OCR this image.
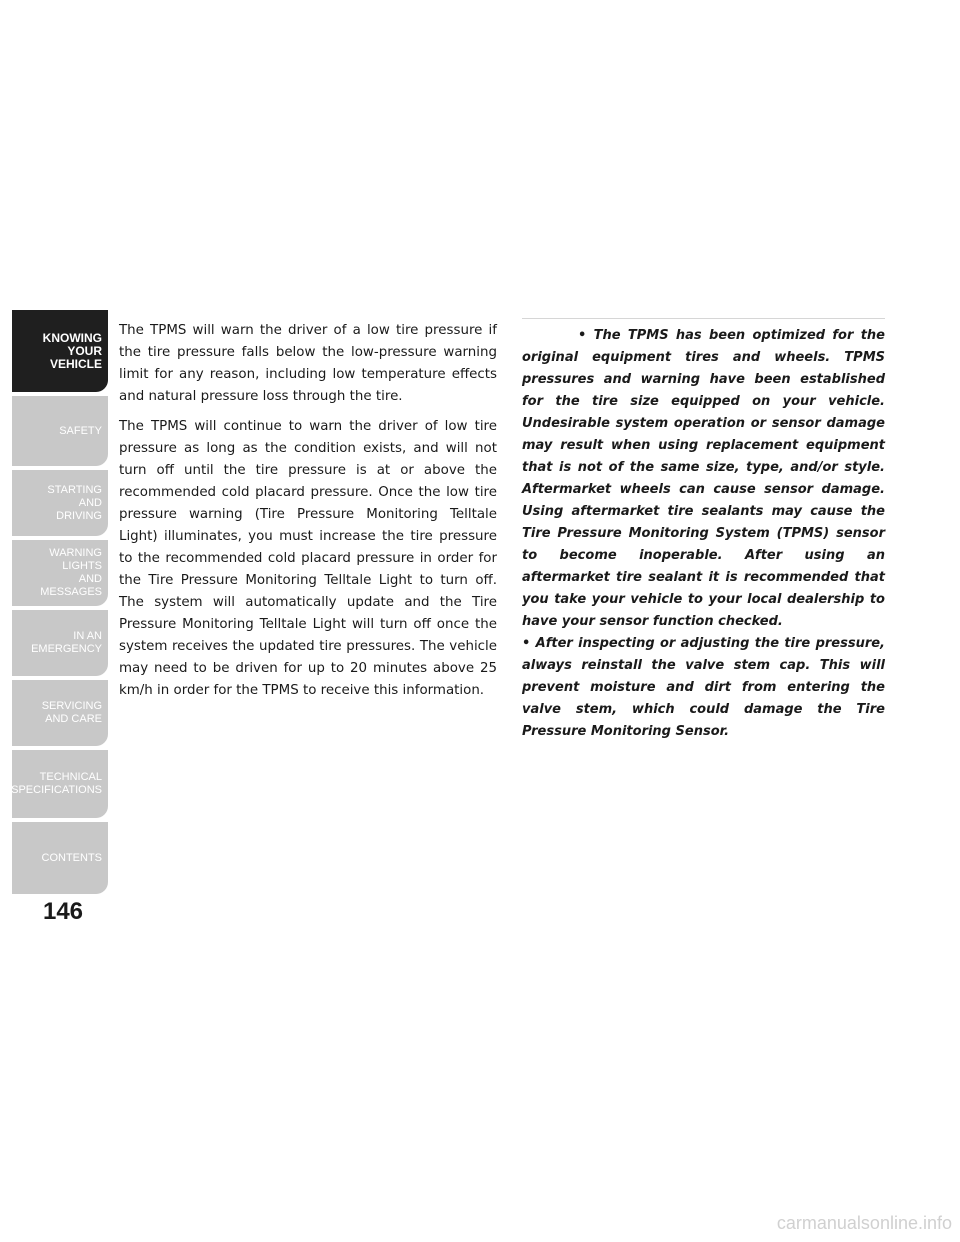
KNOWING
YOUR
VEHICLE
SAFETY
STARTING
AND
DRIVING
WARNING
LIGHTS
AND
MESSAGES
IN AN
EMERGENCY
SERVICING
AND CARE
TECHNICAL
SPECIFICATIONS
CONTENTS
146

The TPMS will warn the driver of a low tire pressure if the tire pressure falls below the low-pressure warning limit for any reason, including low temperature effects and natural pressure loss through the tire.

The TPMS will continue to warn the driver of low tire pressure as long as the condition exists, and will not turn off until the tire pressure is at or above the recommended cold placard pressure. Once the low tire pressure warning (Tire Pressure Monitoring Telltale Light) illuminates, you must increase the tire pressure to the recommended cold placard pressure in order for the Tire Pressure Monitoring Telltale Light to turn off. The system will automatically update and the Tire Pressure Monitoring Telltale Light will turn off once the system receives the updated tire pressures. The vehicle may need to be driven for up to 20 minutes above 25 km/h in order for the TPMS to receive this information.

• The TPMS has been optimized for the original equipment tires and wheels. TPMS pressures and warning have been established for the tire size equipped on your vehicle. Undesirable system operation or sensor damage may result when using replacement equipment that is not of the same size, type, and/or style. Aftermarket wheels can cause sensor damage. Using aftermarket tire sealants may cause the Tire Pressure Monitoring System (TPMS) sensor to become inoperable. After using an aftermarket tire sealant it is recommended that you take your vehicle to your local dealership to have your sensor function checked.

• After inspecting or adjusting the tire pressure, always reinstall the valve stem cap. This will prevent moisture and dirt from entering the valve stem, which could damage the Tire Pressure Monitoring Sensor.

carmanualsonline.info
